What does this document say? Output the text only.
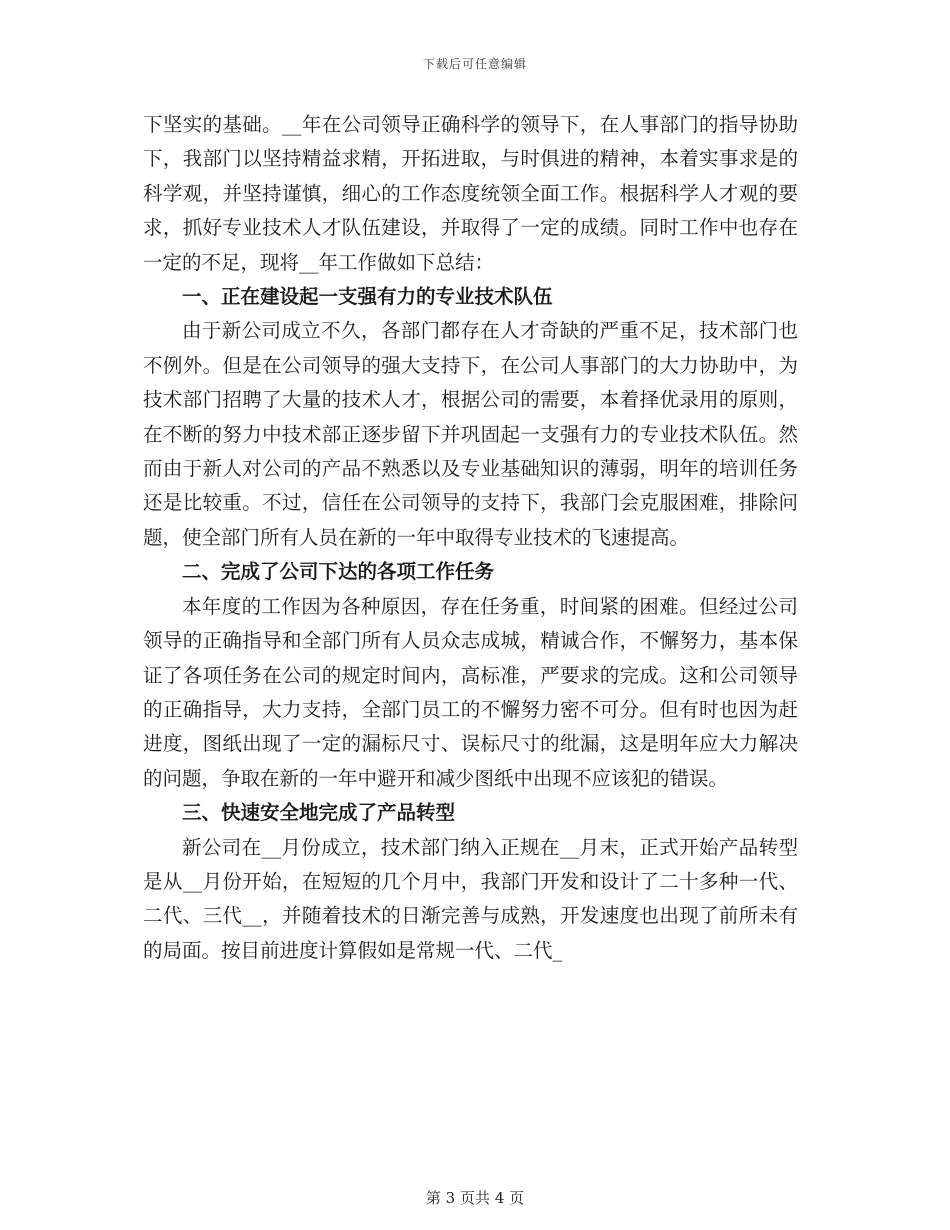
下载后可任意编辑

下坚实的基础。__年在公司领导正确科学的领导下，在人事部门的指导协助下，我部门以坚持精益求精，开拓进取，与时俱进的精神，本着实事求是的科学观，并坚持谨慎，细心的工作态度统领全面工作。根据科学人才观的要求，抓好专业技术人才队伍建设，并取得了一定的成绩。同时工作中也存在一定的不足，现将__年工作做如下总结：

一、正在建设起一支强有力的专业技术队伍

由于新公司成立不久，各部门都存在人才奇缺的严重不足，技术部门也不例外。但是在公司领导的强大支持下，在公司人事部门的大力协助中，为技术部门招聘了大量的技术人才，根据公司的需要，本着择优录用的原则，在不断的努力中技术部正逐步留下并巩固起一支强有力的专业技术队伍。然而由于新人对公司的产品不熟悉以及专业基础知识的薄弱，明年的培训任务还是比较重。不过，信任在公司领导的支持下，我部门会克服困难，排除问题，使全部门所有人员在新的一年中取得专业技术的飞速提高。

二、完成了公司下达的各项工作任务

本年度的工作因为各种原因，存在任务重，时间紧的困难。但经过公司领导的正确指导和全部门所有人员众志成城，精诚合作，不懈努力，基本保证了各项任务在公司的规定时间内，高标准，严要求的完成。这和公司领导的正确指导，大力支持，全部门员工的不懈努力密不可分。但有时也因为赶进度，图纸出现了一定的漏标尺寸、误标尺寸的纰漏，这是明年应大力解决的问题，争取在新的一年中避开和减少图纸中出现不应该犯的错误。

三、快速安全地完成了产品转型

新公司在__月份成立，技术部门纳入正规在__月末，正式开始产品转型是从__月份开始，在短短的几个月中，我部门开发和设计了二十多种一代、二代、三代__，并随着技术的日渐完善与成熟，开发速度也出现了前所未有的局面。按目前进度计算假如是常规一代、二代_

第 3 页共 4 页
